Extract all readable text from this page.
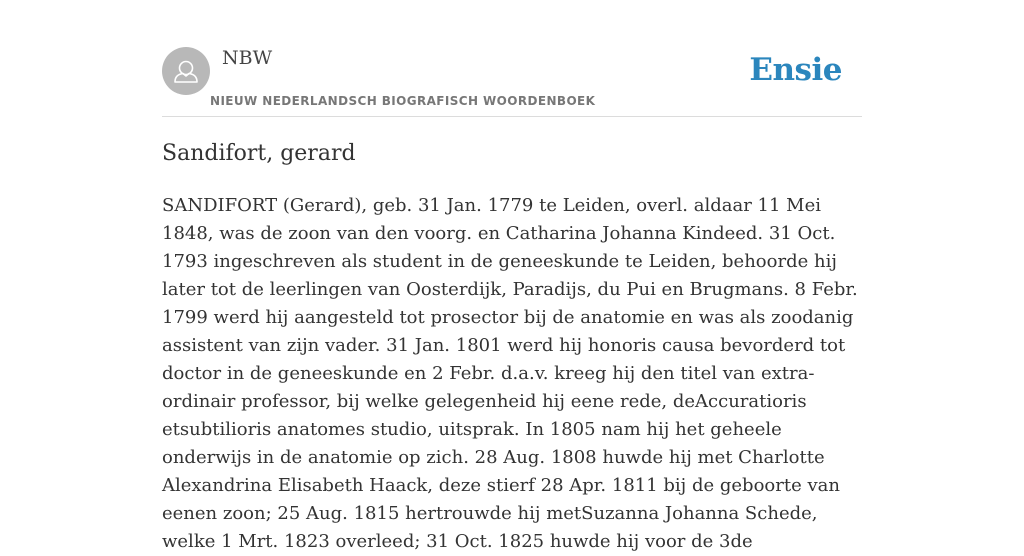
NBW
NIEUW NEDERLANDSCH BIOGRAFISCH WOORDENBOEK
Ensie
Sandifort, gerard

SANDIFORT (Gerard), geb. 31 Jan. 1779 te Leiden, overl. aldaar 11 Mei 1848, was de zoon van den voorg. en Catharina Johanna Kindeed. 31 Oct. 1793 ingeschreven als student in de geneeskunde te Leiden, behoorde hij later tot de leerlingen van Oosterdijk, Paradijs, du Pui en Brugmans. 8 Febr. 1799 werd hij aangesteld tot prosector bij de anatomie en was als zoodanig assistent van zijn vader. 31 Jan. 1801 werd hij honoris causa bevorderd tot doctor in de geneeskunde en 2 Febr. d.a.v. kreeg hij den titel van extra-ordinair professor, bij welke gelegenheid hij eene rede, deAccuratioris etsubtilioris anatomes studio, uitsprak. In 1805 nam hij het geheele onderwijs in de anatomie op zich. 28 Aug. 1808 huwde hij met Charlotte Alexandrina Elisabeth Haack, deze stierf 28 Apr. 1811 bij de geboorte van eenen zoon; 25 Aug. 1815 hertrouwde hij metSuzanna Johanna Schede, welke 1 Mrt. 1823 overleed; 31 Oct. 1825 huwde hij voor de 3de
